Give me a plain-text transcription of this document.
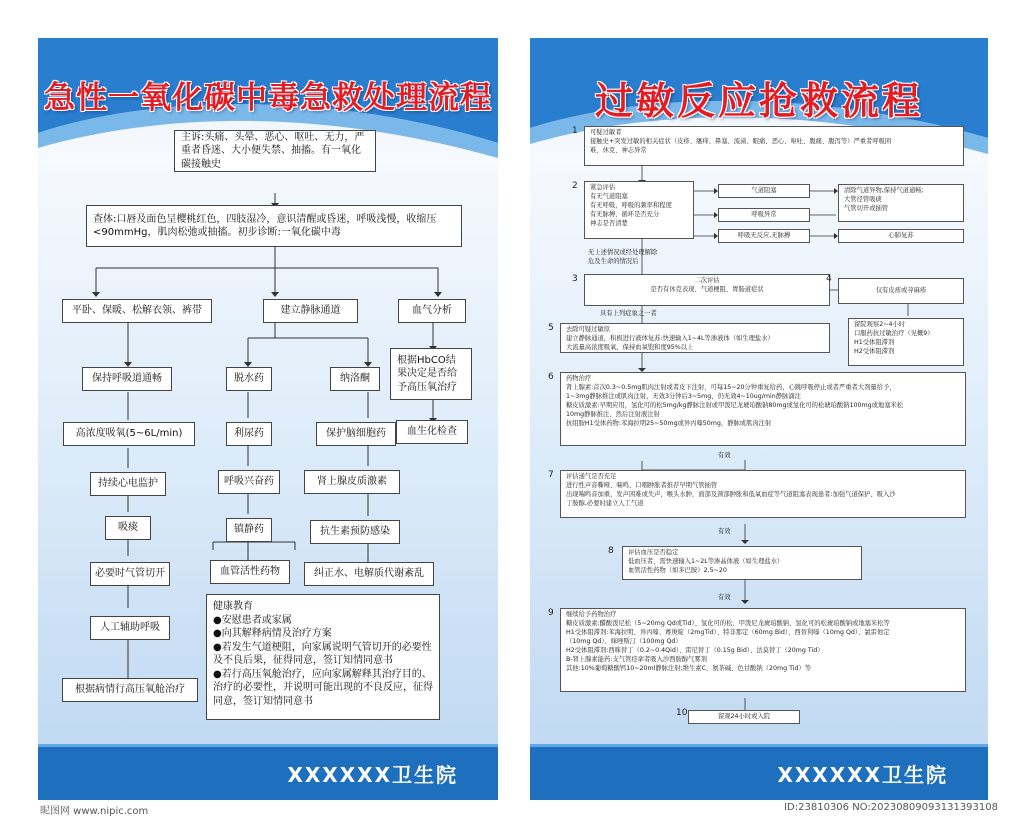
急性一氧化碳中毒急救处理流程
主诉:头痛、头晕、恶心、呕吐、无力，严重者昏迷、大小便失禁、抽搐。有一氧化碳接触史
查体:口唇及面色呈樱桃红色，四肢湿冷，意识清醒或昏迷，呼吸浅慢，收缩压<90mmHg，肌肉松弛或抽搐。初步诊断:一氧化碳中毒
平卧、保暖、松解衣领、裤带	建立静脉通道	血气分析
保持呼吸道通畅
高浓度吸氧(5~6L/min)
持续心电监护
吸痰
必要时气管切开
人工辅助呼吸
根据病情行高压氧舱治疗
脱水药
利尿药
呼吸兴奋药
镇静药
血管活性药物
纳洛酮
保护脑细胞药
肾上腺皮质激素
抗生素预防感染
纠正水、电解质代谢紊乱
根据HbCO结果决定是否给予高压氧治疗
血生化检查
健康教育
●安慰患者或家属
●向其解释病情及治疗方案
●若发生气道梗阻，向家属说明气管切开的必要性及不良后果，征得同意，签订知情同意书
●若行高压氧舱治疗，应向家属解释其治疗目的、治疗的必要性，并说明可能出现的不良反应，征得同意，签订知情同意书
XXXXXX卫生院
过敏反应抢救流程
1	可疑过敏者
接触史+突发过敏的相关症状（皮疹、瘙痒、鼻塞、流涕、眼痛、恶心、呕吐、腹痛、腹泻等）严重者呼吸困
难、休克、神志异常
2	紧急评估
有无气道阻塞
有无呼吸，呼吸的频率和程度
有无脉搏，循环是否充分
神志是否清楚
气道阻塞
呼吸异常
呼吸无反应,无脉搏
清除气道异物,保持气道通畅;
大管径管吸痰
气管切开或插管
心肺复苏
无上述情况或经处理解除
危及生命的情况后
3	二次评估
是否有休克表现、气道梗阻、胃肠道症状
4
仅有皮疹或荨麻疹
具有上列症象之一者
留院观察2~4小时
口服药抗过敏治疗（见概9）
H1受体阻滞剂
H2受体阻滞剂
5	去除可疑过敏原
建立静脉通道，积极进行液体复苏:快速输入1~4L等渗液体（如生理盐水）
大流量高浓度吸氧，保持血氧饱和度95%以上
6	药物治疗
肾上腺素:首次0.3~0.5mg肌肉注射或者皮下注射，可每15~20分钟重复给药，心跳呼吸停止或者严重者大剂量给予，
1~3mg静脉推注或肌肉注射，无效3分钟后3~5mg，仍无效4~10ug/min静脉滴注
糖皮质激素:早期应用，氢化可的松5mg/kg静脉注射或甲泼尼龙琥珀酸钠80mg或氢化可的松琥珀酸钠100mg或地塞米松
10mg静脉推注，然后注射液注射
抗组胺H1受体药物:苯海拉明25~50mg或异丙嗪50mg，静脉或肌肉注射
有效
7	评估通气是否充足
进行性声音嘶哑、喘鸣、口咽肿胀者推荐早期气管插管
出现喘鸣音加重，发声困难或失声，喉头水肿，面部及颈部肿胀和低氧血症等气道阻塞表现患者:加强气道保护、吸入沙
丁胺醇,必要时建立人工气道
有效
8	评估血压是否稳定
低血压者，需快速输入1~2L等渗晶体液（如生理盐水）
血管活性药物（如多巴胺）2.5~20
有效
9	继续给予药物治疗
糖皮质激素:醋酸泼尼松（5~20mg Qd或Tid）、氢化可的松、甲泼尼龙琥珀酸钠、氢化可的松琥珀酸钠或地塞米松等
H1受体阻滞剂:苯海拉明、异丙嗪、赛庚啶（2mgTid）、特非那定（60mg Bid）、西替利嗪（10mg Qd）、氯雷他定
（10mg Qd）、咪唑斯汀（100mg Qd）
H2受体阻滞剂:西咪替丁（0.2~0.4Qid）、雷尼替丁（0.15g Bid）、法莫替丁（20mg Tid）
B-肾上腺素能药:支气管痉挛者吸入沙西胺醇气雾剂
其他:10%葡萄糖酸钙10~20ml静脉注射;维生素C、氨茶碱、色甘酸钠（20mg Tid）等
10	留观24小时或入院
XXXXXX卫生院
昵图网 www.nipic.com	ID:23810306 NO:20230809093131393108
